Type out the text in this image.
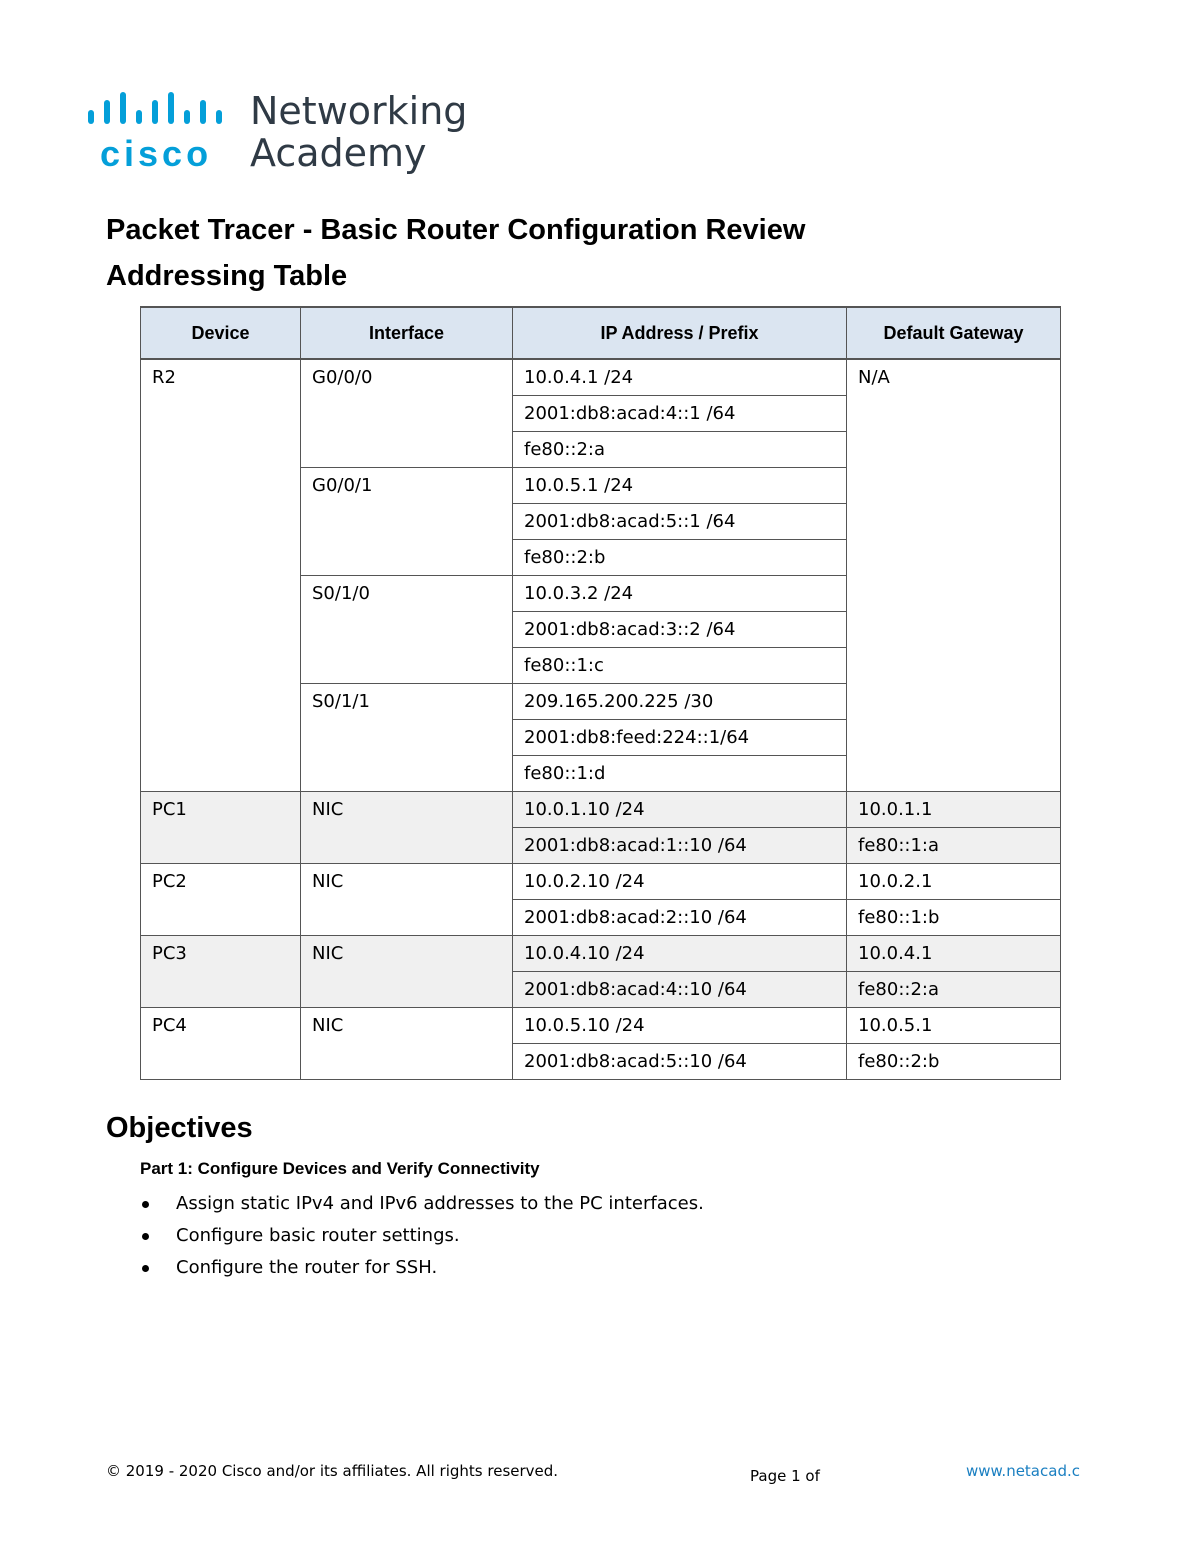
cisco
Networking
Academy
Packet Tracer - Basic Router Configuration Review
Addressing Table
Device	Interface	IP Address / Prefix	Default Gateway
R2	G0/0/0	10.0.4.1 /24	N/A
		2001:db8:acad:4::1 /64	
		fe80::2:a	
	G0/0/1	10.0.5.1 /24	
		2001:db8:acad:5::1 /64	
		fe80::2:b	
	S0/1/0	10.0.3.2 /24	
		2001:db8:acad:3::2 /64	
		fe80::1:c	
	S0/1/1	209.165.200.225 /30	
		2001:db8:feed:224::1/64	
		fe80::1:d	
PC1	NIC	10.0.1.10 /24	10.0.1.1
		2001:db8:acad:1::10 /64	fe80::1:a
PC2	NIC	10.0.2.10 /24	10.0.2.1
		2001:db8:acad:2::10 /64	fe80::1:b
PC3	NIC	10.0.4.10 /24	10.0.4.1
		2001:db8:acad:4::10 /64	fe80::2:a
PC4	NIC	10.0.5.10 /24	10.0.5.1
		2001:db8:acad:5::10 /64	fe80::2:b
Objectives
Part 1: Configure Devices and Verify Connectivity
Assign static IPv4 and IPv6 addresses to the PC interfaces.
Configure basic router settings.
Configure the router for SSH.
© 2019 - 2020 Cisco and/or its affiliates. All rights reserved.	Page 1 of	www.netacad.c
